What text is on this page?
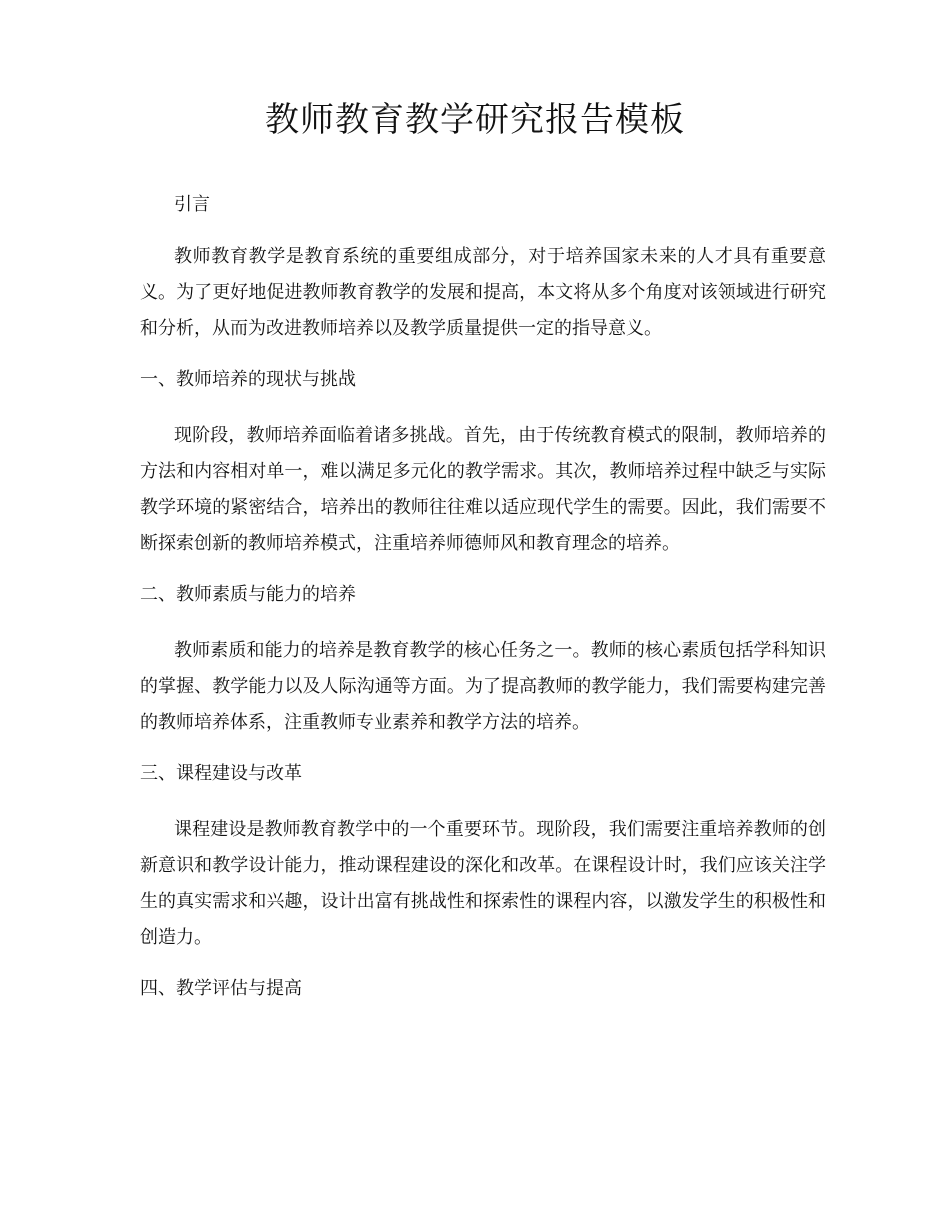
教师教育教学研究报告模板

引言

教师教育教学是教育系统的重要组成部分，对于培养国家未来的人才具有重要意义。为了更好地促进教师教育教学的发展和提高，本文将从多个角度对该领域进行研究和分析，从而为改进教师培养以及教学质量提供一定的指导意义。

一、教师培养的现状与挑战

现阶段，教师培养面临着诸多挑战。首先，由于传统教育模式的限制，教师培养的方法和内容相对单一，难以满足多元化的教学需求。其次，教师培养过程中缺乏与实际教学环境的紧密结合，培养出的教师往往难以适应现代学生的需要。因此，我们需要不断探索创新的教师培养模式，注重培养师德师风和教育理念的培养。

二、教师素质与能力的培养

教师素质和能力的培养是教育教学的核心任务之一。教师的核心素质包括学科知识的掌握、教学能力以及人际沟通等方面。为了提高教师的教学能力，我们需要构建完善的教师培养体系，注重教师专业素养和教学方法的培养。

三、课程建设与改革

课程建设是教师教育教学中的一个重要环节。现阶段，我们需要注重培养教师的创新意识和教学设计能力，推动课程建设的深化和改革。在课程设计时，我们应该关注学生的真实需求和兴趣，设计出富有挑战性和探索性的课程内容，以激发学生的积极性和创造力。

四、教学评估与提高
